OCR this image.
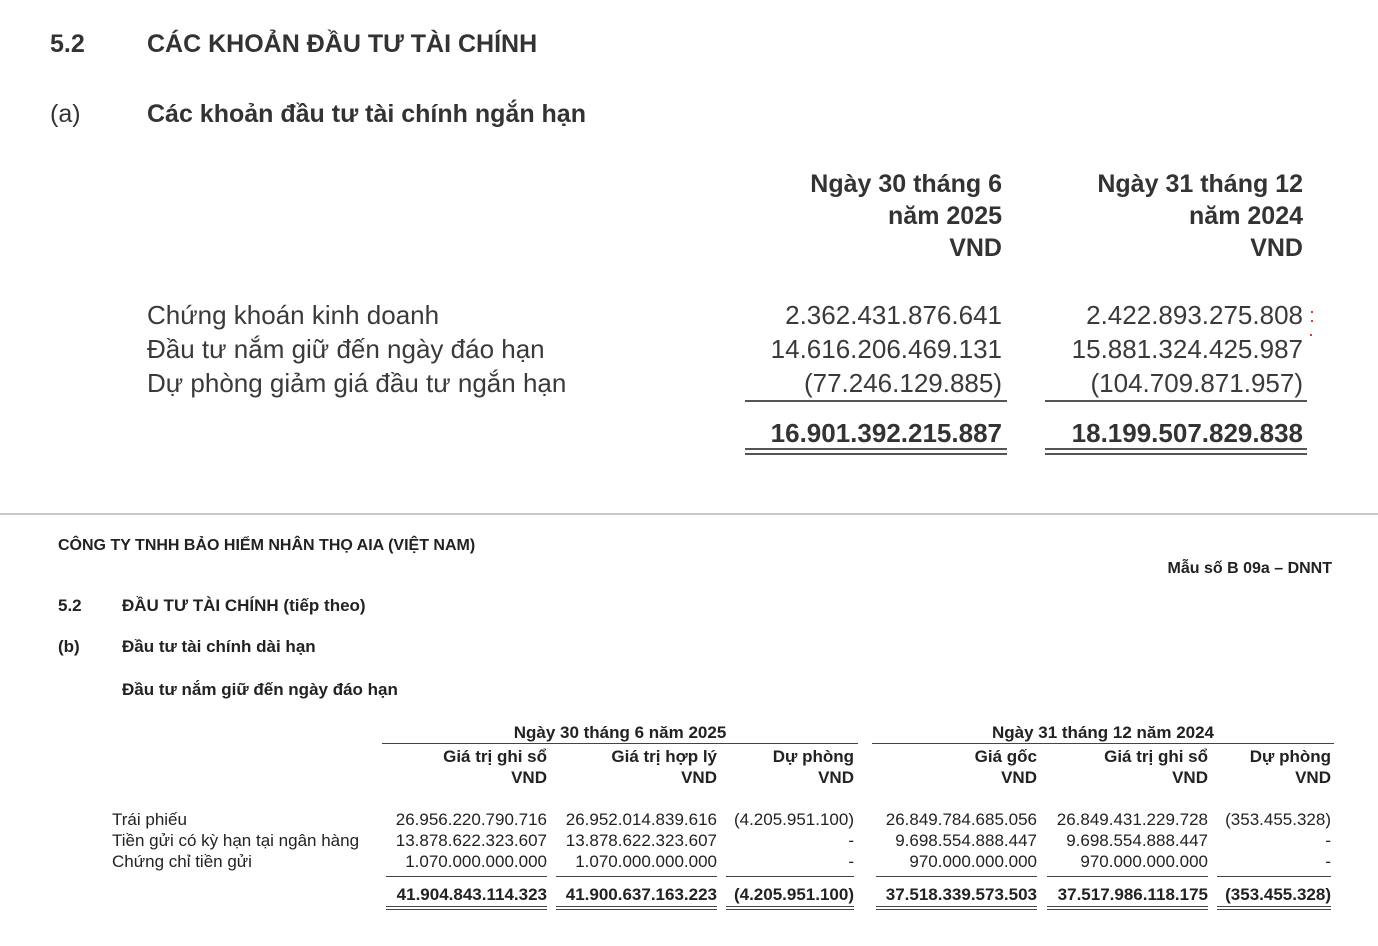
5.2 CÁC KHOẢN ĐẦU TƯ TÀI CHÍNH
(a)	Các khoản đầu tư tài chính ngắn hạn
Ngày 30 tháng 6
năm 2025
VND
Ngày 31 tháng 12
năm 2024
VND
Chứng khoán kinh doanh	2.362.431.876.641	2.422.893.275.808
Đầu tư nắm giữ đến ngày đáo hạn	14.616.206.469.131	15.881.324.425.987
Dự phòng giảm giá đầu tư ngắn hạn	(77.246.129.885)	(104.709.871.957)
16.901.392.215.887	18.199.507.829.838
CÔNG TY TNHH BẢO HIỂM NHÂN THỌ AIA (VIỆT NAM)
Mẫu số B 09a – DNNT
5.2 ĐẦU TƯ TÀI CHÍNH (tiếp theo)
(b) Đầu tư tài chính dài hạn
Đầu tư nắm giữ đến ngày đáo hạn
Ngày 30 tháng 6 năm 2025	Ngày 31 tháng 12 năm 2024
Giá trị ghi sổ
VND
Giá trị hợp lý
VND
Dự phòng
VND
Giá gốc
VND
Giá trị ghi sổ
VND
Dự phòng
VND
Trái phiếu	26.956.220.790.716	26.952.014.839.616 (4.205.951.100)	26.849.784.685.056	26.849.431.229.728	(353.455.328)
Tiền gửi có kỳ hạn tại ngân hàng	13.878.622.323.607	13.878.622.323.607	-	9.698.554.888.447	9.698.554.888.447	-
Chứng chỉ tiền gửi	1.070.000.000.000	1.070.000.000.000	-	970.000.000.000	970.000.000.000	-
41.904.843.114.323	41.900.637.163.223 (4.205.951.100)	37.518.339.573.503	37.517.986.118.175	(353.455.328)
